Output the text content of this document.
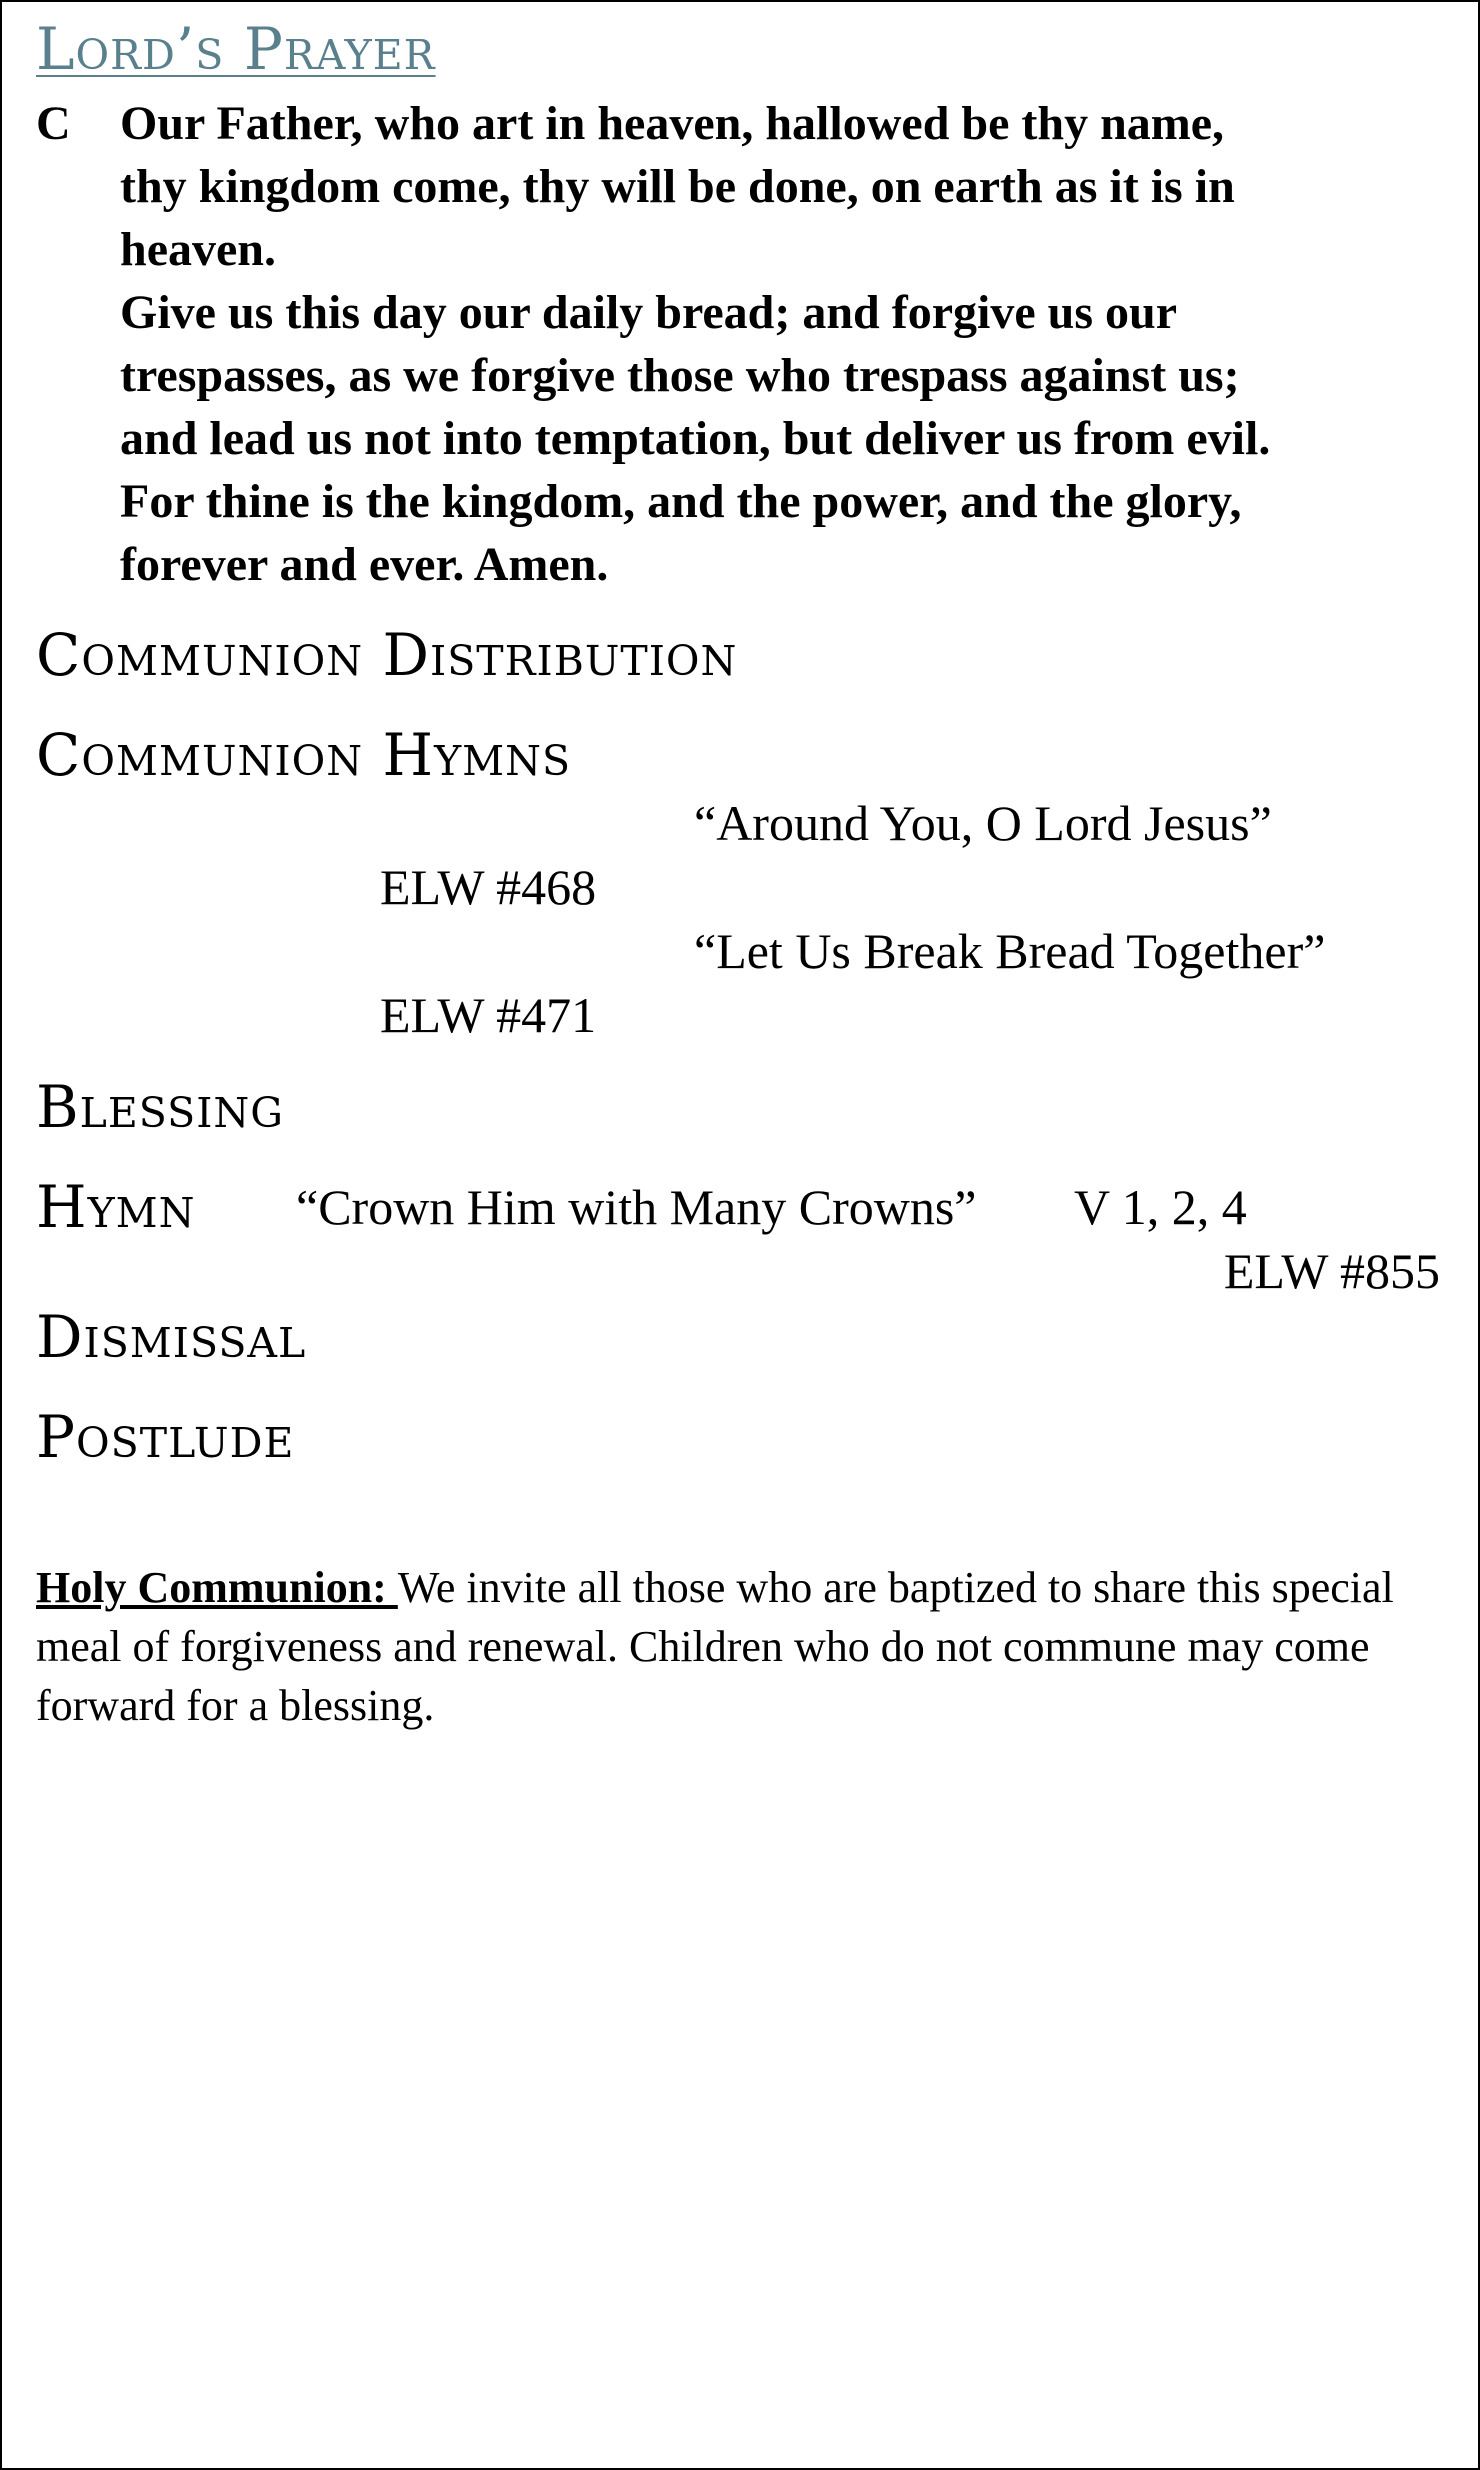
Lord’s Prayer
C Our Father, who art in heaven, hallowed be thy name,
thy kingdom come, thy will be done, on earth as it is in
heaven.
Give us this day our daily bread; and forgive us our
trespasses, as we forgive those who trespass against us;
and lead us not into temptation, but deliver us from evil.
For thine is the kingdom, and the power, and the glory,
forever and ever. Amen.
Communion Distribution
Communion Hymns
“Around You, O Lord Jesus”
ELW #468
“Let Us Break Bread Together”
ELW #471
Blessing
Hymn “Crown Him with Many Crowns” V 1, 2, 4
ELW #855
Dismissal
Postlude

Holy Communion: We invite all those who are baptized to share this special meal of forgiveness and renewal. Children who do not commune may come forward for a blessing.
